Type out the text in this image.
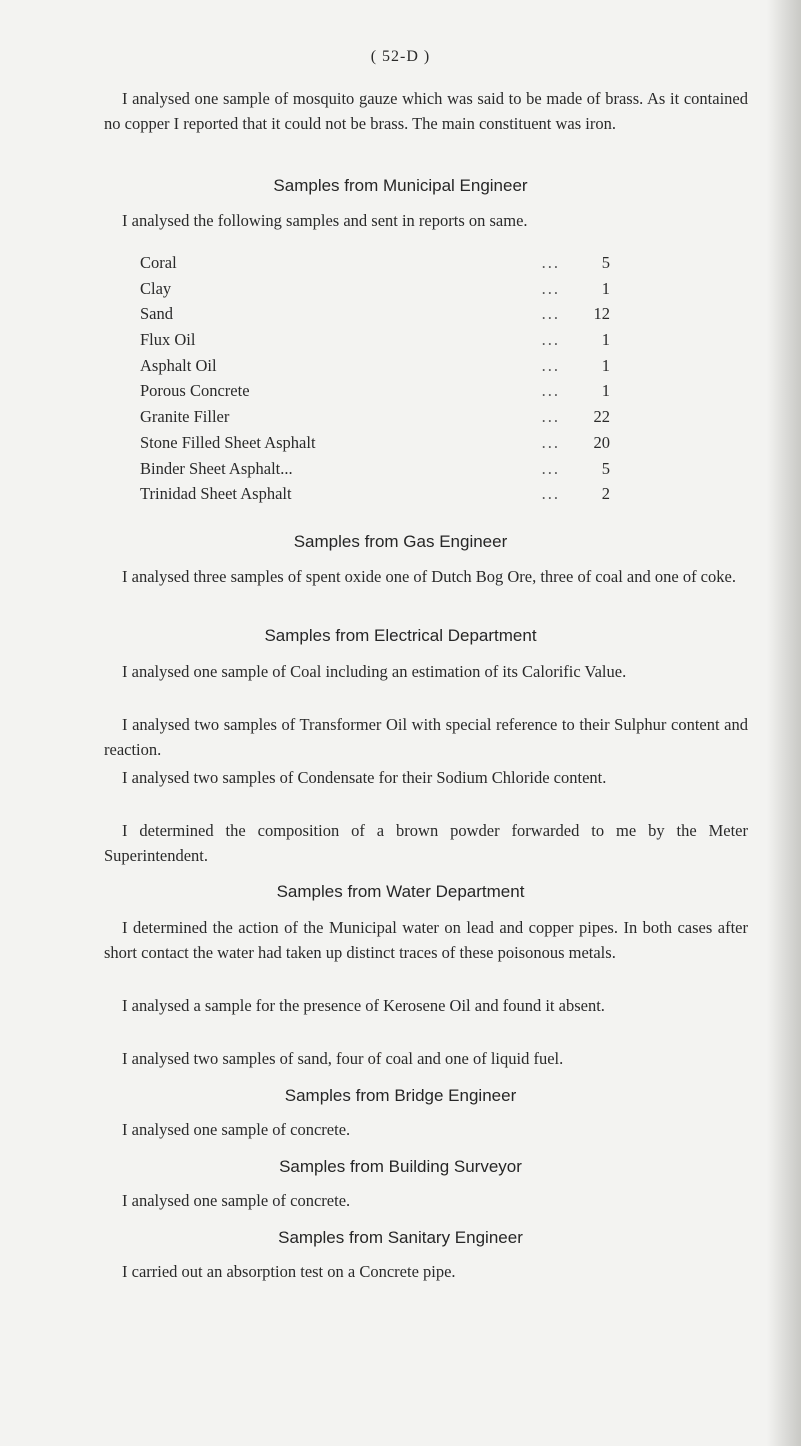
( 52-D )

I analysed one sample of mosquito gauze which was said to be made of brass. As it contained no copper I reported that it could not be brass. The main constituent was iron.

Samples from Municipal Engineer

I analysed the following samples and sent in reports on same.

Coral	...	5
Clay	...	1
Sand	...	12
Flux Oil	...	1
Asphalt Oil	...	1
Porous Concrete	...	1
Granite Filler	...	22
Stone Filled Sheet Asphalt	...	20
Binder Sheet Asphalt...	...	5
Trinidad Sheet Asphalt	...	2
Samples from Gas Engineer

I analysed three samples of spent oxide one of Dutch Bog Ore, three of coal and one of coke.

Samples from Electrical Department

I analysed one sample of Coal including an estimation of its Calorific Value.

I analysed two samples of Transformer Oil with special reference to their Sulphur content and reaction.

I analysed two samples of Condensate for their Sodium Chloride content.

I determined the composition of a brown powder forwarded to me by the Meter Superintendent.

Samples from Water Department

I determined the action of the Municipal water on lead and copper pipes. In both cases after short contact the water had taken up distinct traces of these poisonous metals.

I analysed a sample for the presence of Kerosene Oil and found it absent.

I analysed two samples of sand, four of coal and one of liquid fuel.

Samples from Bridge Engineer

I analysed one sample of concrete.

Samples from Building Surveyor

I analysed one sample of concrete.

Samples from Sanitary Engineer

I carried out an absorption test on a Concrete pipe.
